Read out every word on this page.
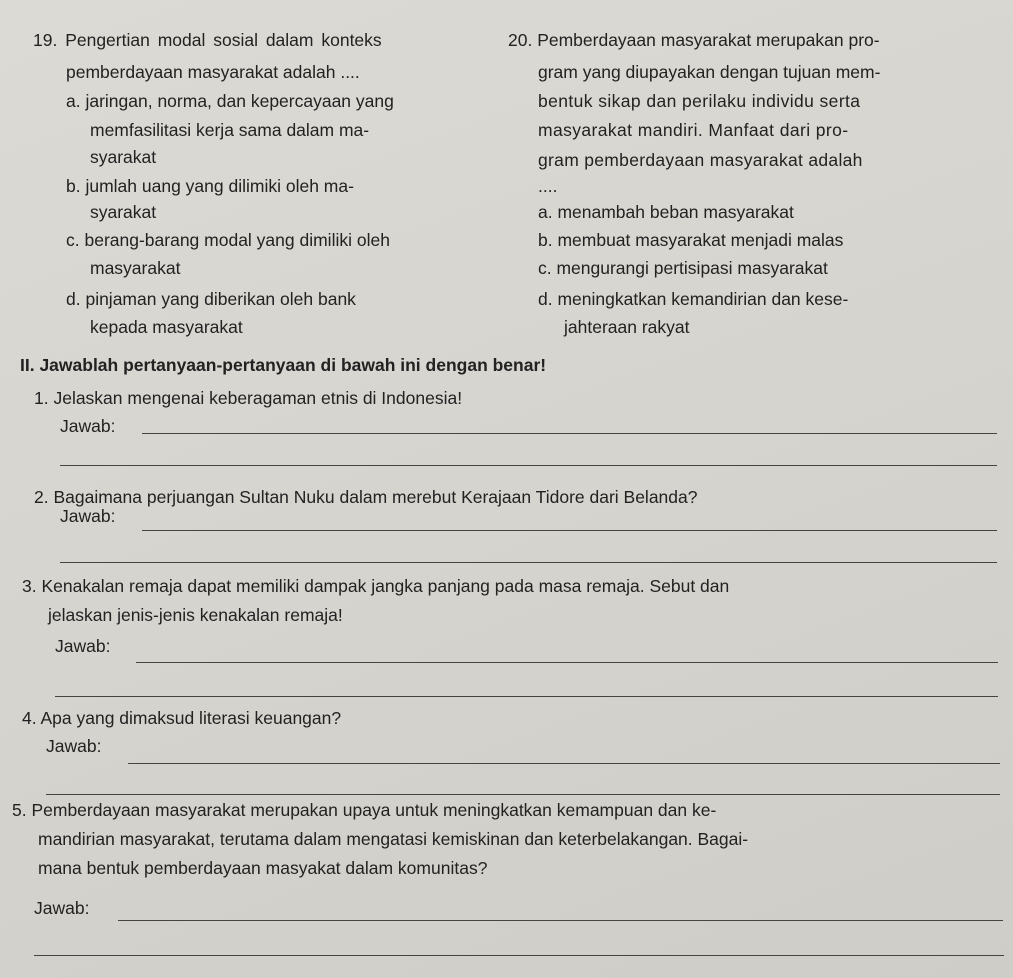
19. Pengertian modal sosial dalam konteks
pemberdayaan masyarakat adalah ....
a. jaringan, norma, dan kepercayaan yang
memfasilitasi kerja sama dalam ma-
syarakat
b. jumlah uang yang dilimiki oleh ma-
syarakat
c. berang-barang modal yang dimiliki oleh
masyarakat
d. pinjaman yang diberikan oleh bank
kepada masyarakat
20. Pemberdayaan masyarakat merupakan pro-
gram yang diupayakan dengan tujuan mem-
bentuk sikap dan perilaku individu serta
masyarakat mandiri. Manfaat dari pro-
gram pemberdayaan masyarakat adalah
....
a. menambah beban masyarakat
b. membuat masyarakat menjadi malas
c. mengurangi pertisipasi masyarakat
d. meningkatkan kemandirian dan kese-
jahteraan rakyat
II. Jawablah pertanyaan-pertanyaan di bawah ini dengan benar!
1. Jelaskan mengenai keberagaman etnis di Indonesia!
Jawab:
2. Bagaimana perjuangan Sultan Nuku dalam merebut Kerajaan Tidore dari Belanda?
Jawab:
3. Kenakalan remaja dapat memiliki dampak jangka panjang pada masa remaja. Sebut dan
jelaskan jenis-jenis kenakalan remaja!
Jawab:
4. Apa yang dimaksud literasi keuangan?
Jawab:
5. Pemberdayaan masyarakat merupakan upaya untuk meningkatkan kemampuan dan ke-
mandirian masyarakat, terutama dalam mengatasi kemiskinan dan keterbelakangan. Bagai-
mana bentuk pemberdayaan masyakat dalam komunitas?
Jawab:
